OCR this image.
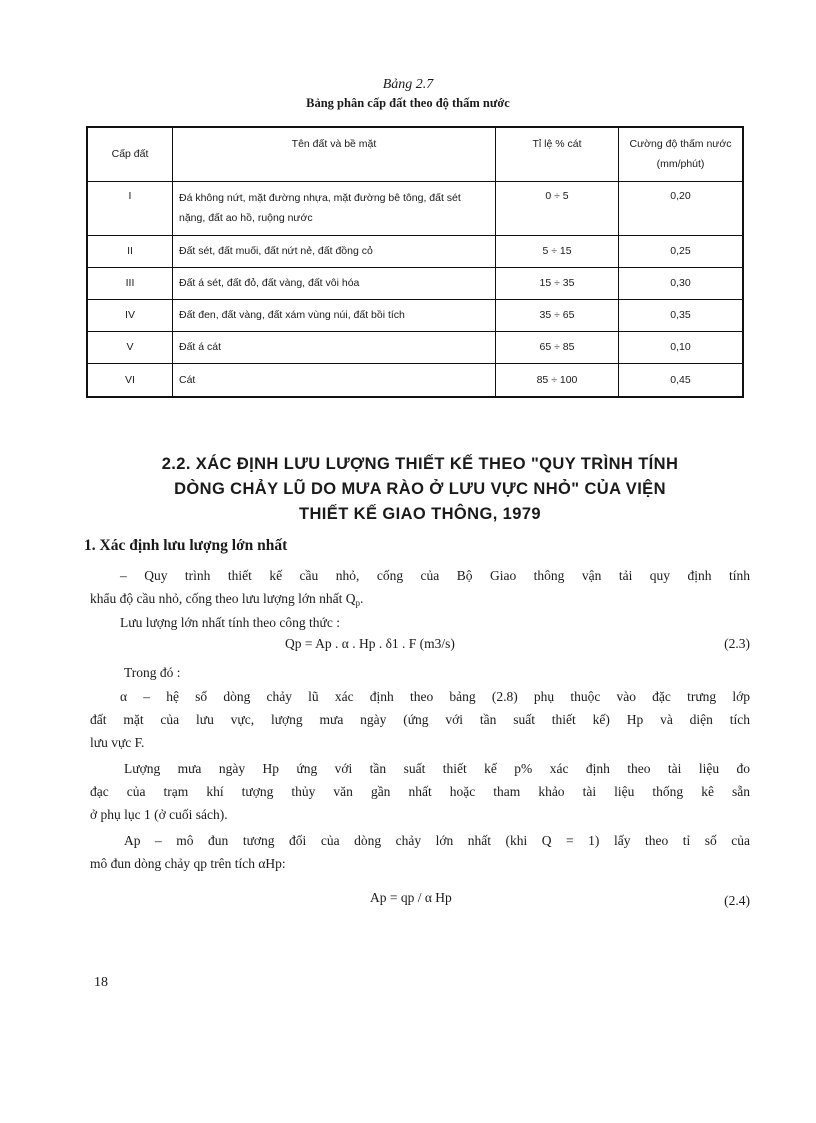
Bảng 2.7
Bảng phân cấp đất theo độ thấm nước
Cấp đất	Tên đất và bề mặt	Tỉ lệ % cát	Cường độ thấm nước (mm/phút)
I	Đá không nứt, mặt đường nhựa, mặt đường bê tông, đất sét nặng, đất ao hồ, ruộng nước	0 ÷ 5	0,20
II	Đất sét, đất muối, đất nứt nẻ, đất đồng cỏ	5 ÷ 15	0,25
III	Đất á sét, đất đỏ, đất vàng, đất vôi hóa	15 ÷ 35	0,30
IV	Đất đen, đất vàng, đất xám vùng núi, đất bồi tích	35 ÷ 65	0,35
V	Đất á cát	65 ÷ 85	0,10
VI	Cát	85 ÷ 100	0,45
2.2. XÁC ĐỊNH LƯU LƯỢNG THIẾT KẾ THEO "QUY TRÌNH TÍNH
DÒNG CHẢY LŨ DO MƯA RÀO Ở LƯU VỰC NHỎ" CỦA VIỆN
THIẾT KẾ GIAO THÔNG, 1979
1. Xác định lưu lượng lớn nhất
– Quy trình thiết kế cầu nhỏ, cống của Bộ Giao thông vận tải quy định tính
khẩu độ cầu nhỏ, cống theo lưu lượng lớn nhất $Q_p$.
Lưu lượng lớn nhất tính theo công thức :
Qp = Ap . α . Hp . δ1 . F (m3/s)	(2.3)
Trong đó :
α – hệ số dòng chảy lũ xác định theo bảng (2.8) phụ thuộc vào đặc trưng lớp
đất mặt của lưu vực, lượng mưa ngày (ứng với tần suất thiết kế) Hp và diện tích
lưu vực F.
Lượng mưa ngày Hp ứng với tần suất thiết kế p% xác định theo tài liệu đo
đạc của trạm khí tượng thủy văn gần nhất hoặc tham khảo tài liệu thống kê sẵn
ở phụ lục 1 (ở cuối sách).
Ap – mô đun tương đối của dòng chảy lớn nhất (khi Q = 1) lấy theo tỉ số của
mô đun dòng chảy qp trên tích αHp:
Ap = qp / α Hp	(2.4)
18
